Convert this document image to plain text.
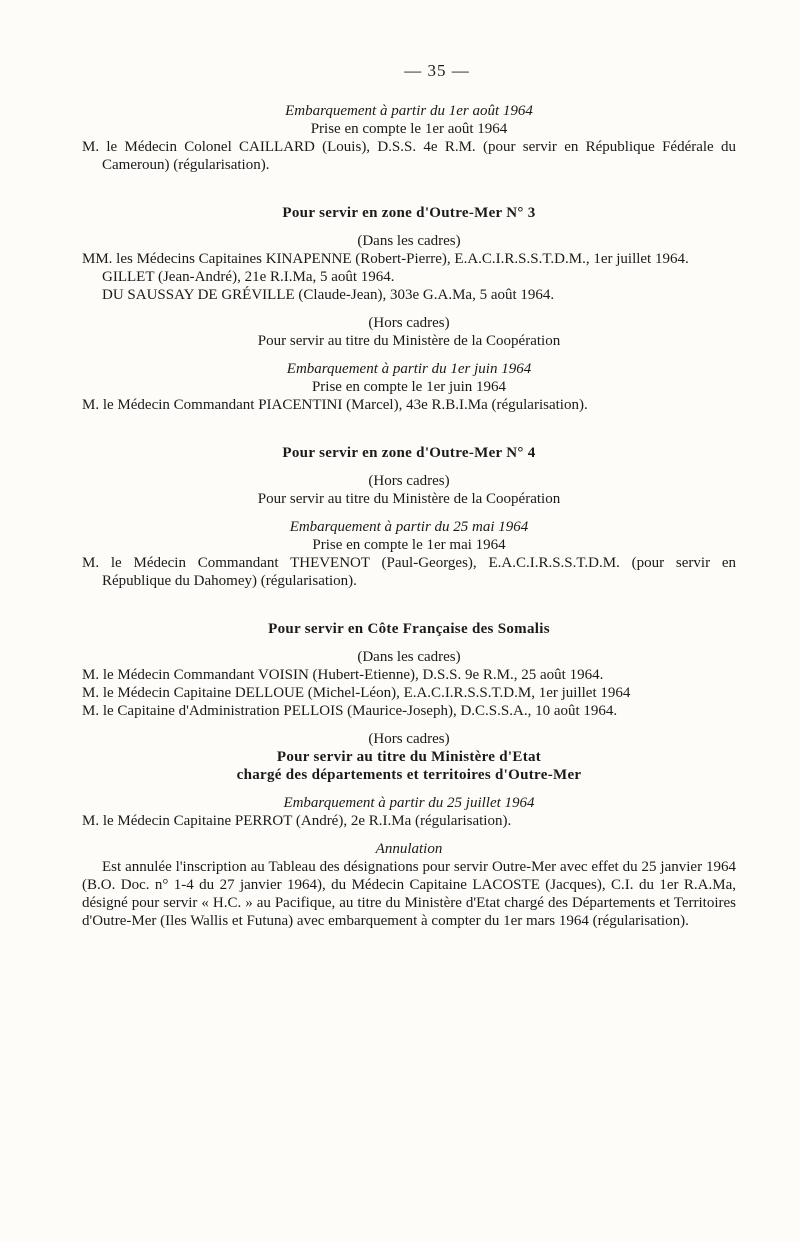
— 35 —
Embarquement à partir du 1er août 1964
Prise en compte le 1er août 1964
M. le Médecin Colonel CAILLARD (Louis), D.S.S. 4e R.M. (pour servir en République Fédérale du Cameroun) (régularisation).
Pour servir en zone d'Outre-Mer N° 3
(Dans les cadres)
MM. les Médecins Capitaines KINAPENNE (Robert-Pierre), E.A.C.I.R.S.S.T.D.M., 1er juillet 1964.
GILLET (Jean-André), 21e R.I.Ma, 5 août 1964.
DU SAUSSAY DE GRÉVILLE (Claude-Jean), 303e G.A.Ma, 5 août 1964.
(Hors cadres)
Pour servir au titre du Ministère de la Coopération
Embarquement à partir du 1er juin 1964
Prise en compte le 1er juin 1964
M. le Médecin Commandant PIACENTINI (Marcel), 43e R.B.I.Ma (régularisation).
Pour servir en zone d'Outre-Mer N° 4
(Hors cadres)
Pour servir au titre du Ministère de la Coopération
Embarquement à partir du 25 mai 1964
Prise en compte le 1er mai 1964
M. le Médecin Commandant THEVENOT (Paul-Georges), E.A.C.I.R.S.S.T.D.M. (pour servir en République du Dahomey) (régularisation).
Pour servir en Côte Française des Somalis
(Dans les cadres)
M. le Médecin Commandant VOISIN (Hubert-Etienne), D.S.S. 9e R.M., 25 août 1964.
M. le Médecin Capitaine DELLOUE (Michel-Léon), E.A.C.I.R.S.S.T.D.M, 1er juillet 1964
M. le Capitaine d'Administration PELLOIS (Maurice-Joseph), D.C.S.S.A., 10 août 1964.
(Hors cadres)
Pour servir au titre du Ministère d'Etat
chargé des départements et territoires d'Outre-Mer
Embarquement à partir du 25 juillet 1964
M. le Médecin Capitaine PERROT (André), 2e R.I.Ma (régularisation).
Annulation
Est annulée l'inscription au Tableau des désignations pour servir Outre-Mer avec effet du 25 janvier 1964 (B.O. Doc. n° 1-4 du 27 janvier 1964), du Médecin Capitaine LACOSTE (Jacques), C.I. du 1er R.A.Ma, désigné pour servir « H.C. » au Pacifique, au titre du Ministère d'Etat chargé des Départements et Territoires d'Outre-Mer (Iles Wallis et Futuna) avec embarquement à compter du 1er mars 1964 (régularisation).
